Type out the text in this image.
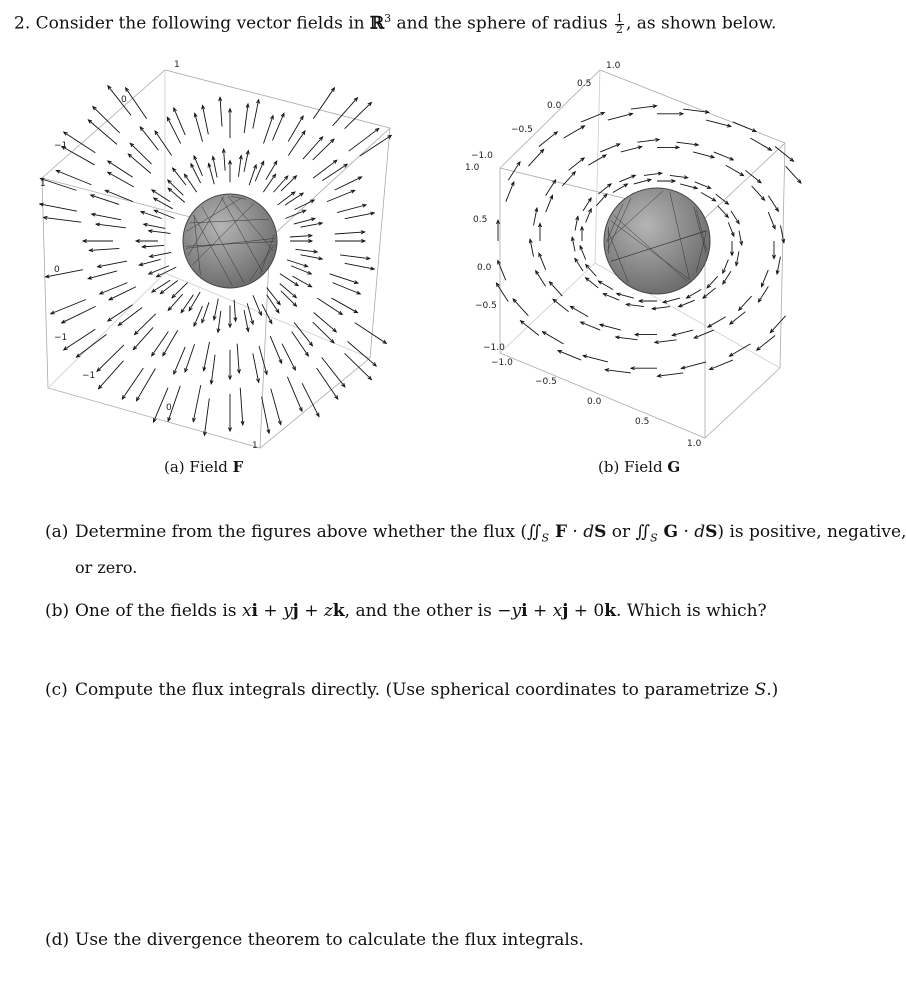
2. Consider the following vector fields in ℝ$^3$ and the sphere of radius $\frac{1}{2}$ , as shown below.
1
0
−1
1
0
−1
−1
0
1
(a) Field F
1.0
0.5
0.0
−0.5
−1.0
1.0
0.5
0.0
−0.5
−1.0
−1.0
−0.5
0.0
0.5
1.0
(b) Field G
(a) Determine from the figures above whether the flux ($∬_S$ F · dS or $∬_S$ G · dS) is positive, negative,
or zero.
(b) One of the fields is xi + yj + zk, and the other is −yi + xj + 0k. Which is which?
(c) Compute the flux integrals directly. (Use spherical coordinates to parametrize S.)
(d) Use the divergence theorem to calculate the flux integrals.
